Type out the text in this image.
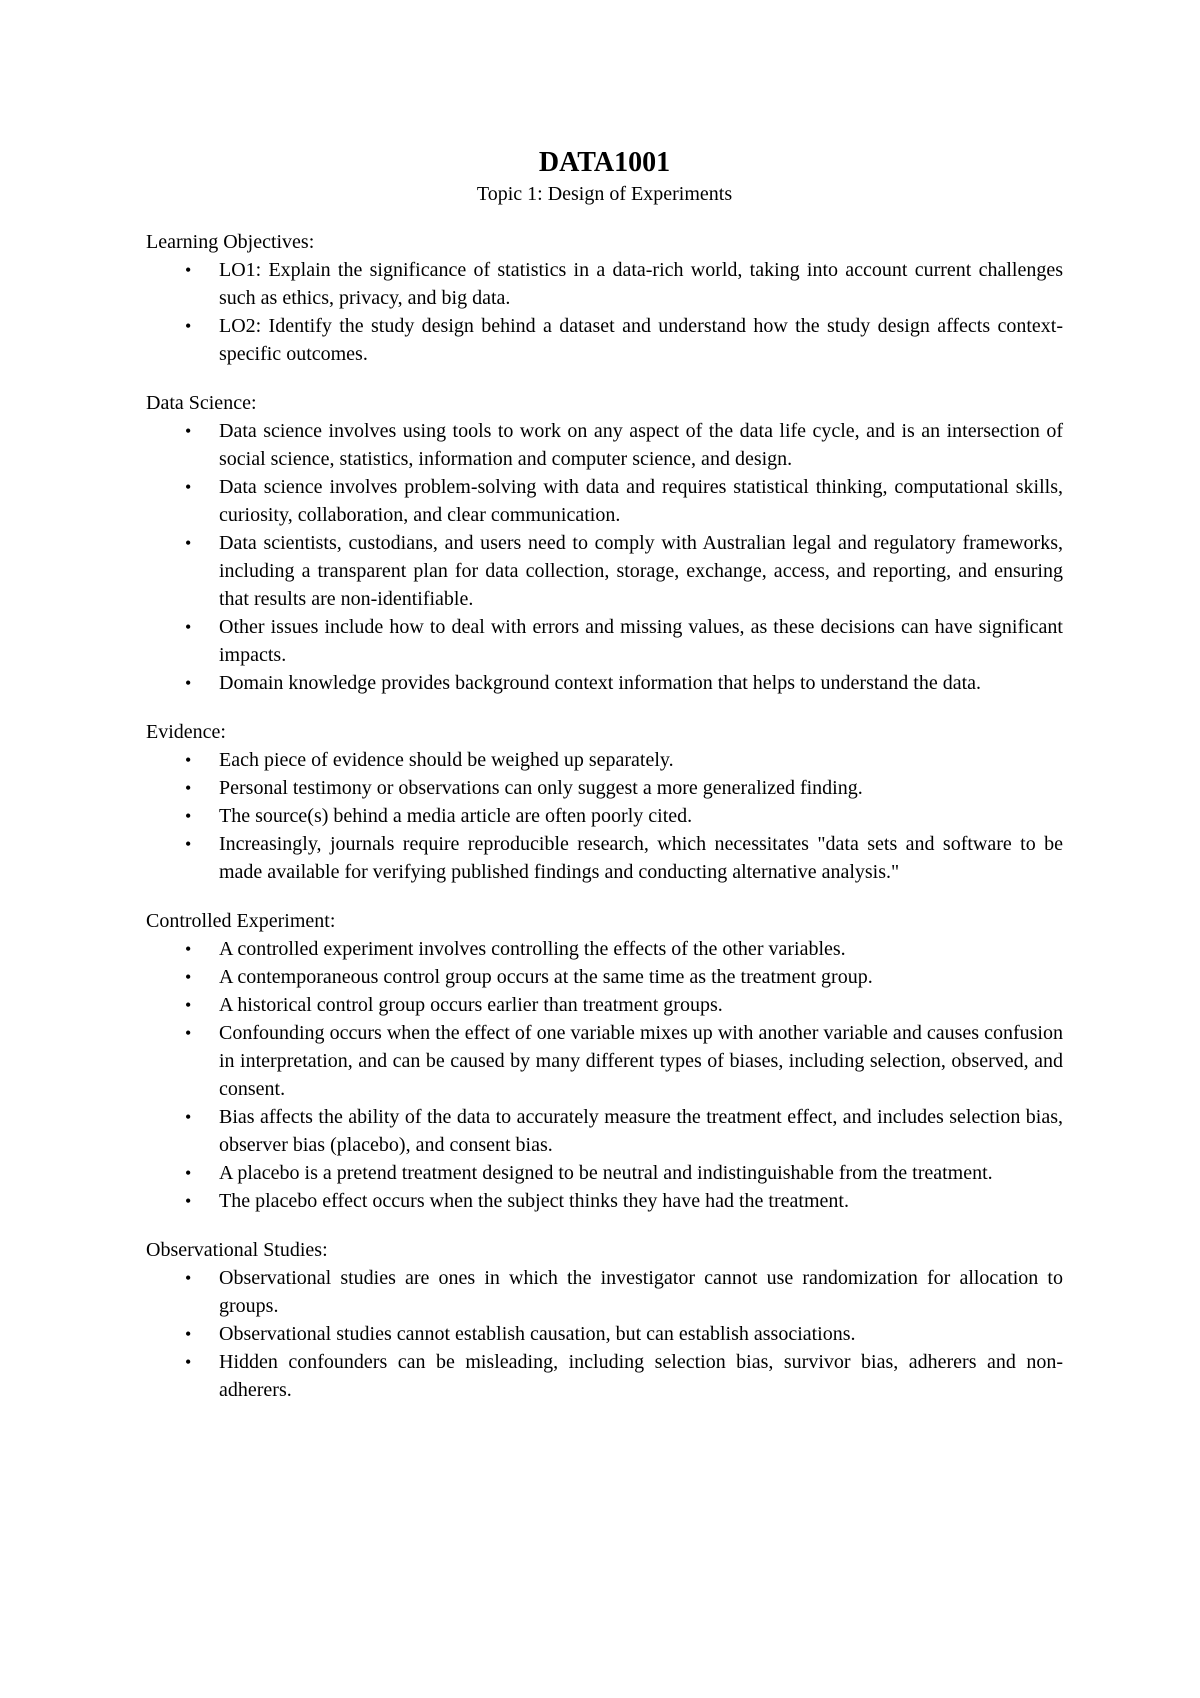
DATA1001

Topic 1: Design of Experiments

Learning Objectives:

• LO1: Explain the significance of statistics in a data-rich world, taking into account current challenges such as ethics, privacy, and big data.
• LO2: Identify the study design behind a dataset and understand how the study design affects context-specific outcomes.

Data Science:

• Data science involves using tools to work on any aspect of the data life cycle, and is an intersection of social science, statistics, information and computer science, and design.
• Data science involves problem-solving with data and requires statistical thinking, computational skills, curiosity, collaboration, and clear communication.
• Data scientists, custodians, and users need to comply with Australian legal and regulatory frameworks, including a transparent plan for data collection, storage, exchange, access, and reporting, and ensuring that results are non-identifiable.
• Other issues include how to deal with errors and missing values, as these decisions can have significant impacts.
• Domain knowledge provides background context information that helps to understand the data.

Evidence:

• Each piece of evidence should be weighed up separately.
• Personal testimony or observations can only suggest a more generalized finding.
• The source(s) behind a media article are often poorly cited.
• Increasingly, journals require reproducible research, which necessitates "data sets and software to be made available for verifying published findings and conducting alternative analysis."

Controlled Experiment:

• A controlled experiment involves controlling the effects of the other variables.
• A contemporaneous control group occurs at the same time as the treatment group.
• A historical control group occurs earlier than treatment groups.
• Confounding occurs when the effect of one variable mixes up with another variable and causes confusion in interpretation, and can be caused by many different types of biases, including selection, observed, and consent.
• Bias affects the ability of the data to accurately measure the treatment effect, and includes selection bias, observer bias (placebo), and consent bias.
• A placebo is a pretend treatment designed to be neutral and indistinguishable from the treatment.
• The placebo effect occurs when the subject thinks they have had the treatment.

Observational Studies:

• Observational studies are ones in which the investigator cannot use randomization for allocation to groups.
• Observational studies cannot establish causation, but can establish associations.
• Hidden confounders can be misleading, including selection bias, survivor bias, adherers and non-adherers.
